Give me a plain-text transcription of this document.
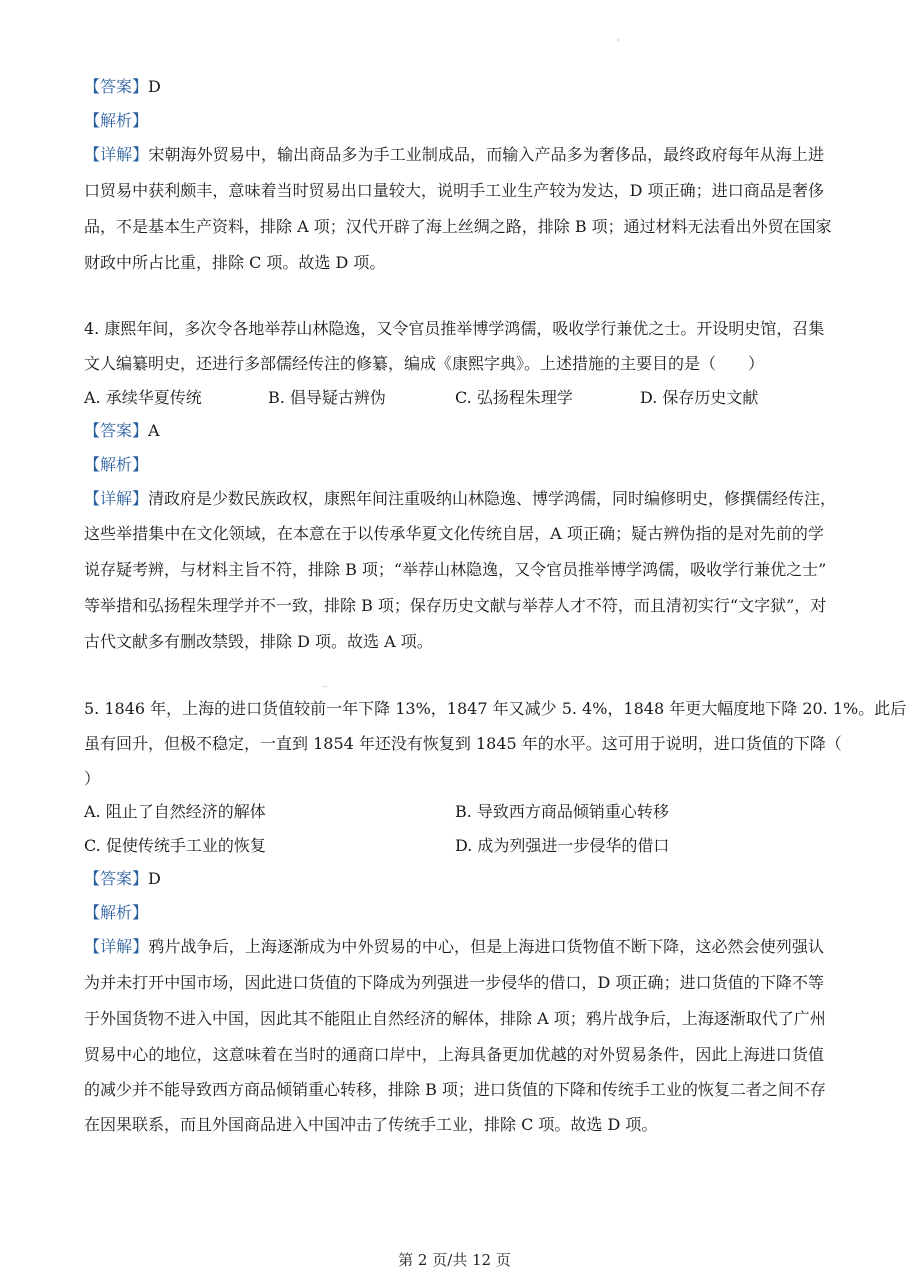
·
‾
【答案】D
【解析】
【详解】宋朝海外贸易中，输出商品多为手工业制成品，而输入产品多为奢侈品，最终政府每年从海上进
口贸易中获利颇丰，意味着当时贸易出口量较大，说明手工业生产较为发达，D 项正确；进口商品是奢侈
品，不是基本生产资料，排除 A 项；汉代开辟了海上丝绸之路，排除 B 项；通过材料无法看出外贸在国家
财政中所占比重，排除 C 项。故选 D 项。
4. 康熙年间，多次令各地举荐山林隐逸，又令官员推举博学鸿儒，吸收学行兼优之士。开设明史馆，召集
文人编纂明史，还进行多部儒经传注的修纂，编成《康熙字典》。上述措施的主要目的是（　　）
A. 承续华夏传统	B. 倡导疑古辨伪	C. 弘扬程朱理学	D. 保存历史文献
【答案】A
【解析】
【详解】清政府是少数民族政权，康熙年间注重吸纳山林隐逸、博学鸿儒，同时编修明史，修撰儒经传注，
这些举措集中在文化领域，在本意在于以传承华夏文化传统自居，A 项正确；疑古辨伪指的是对先前的学
说存疑考辨，与材料主旨不符，排除 B 项；“举荐山林隐逸，又令官员推举博学鸿儒，吸收学行兼优之士”
等举措和弘扬程朱理学并不一致，排除 B 项；保存历史文献与举荐人才不符，而且清初实行“文字狱”，对
古代文献多有删改禁毁，排除 D 项。故选 A 项。
5. 1846 年，上海的进口货值较前一年下降 13%，1847 年又减少 5. 4%，1848 年更大幅度地下降 20. 1%。此后
虽有回升，但极不稳定，一直到 1854 年还没有恢复到 1845 年的水平。这可用于说明，进口货值的下降（
）
A. 阻止了自然经济的解体	B. 导致西方商品倾销重心转移
C. 促使传统手工业的恢复	D. 成为列强进一步侵华的借口
【答案】D
【解析】
【详解】鸦片战争后，上海逐渐成为中外贸易的中心，但是上海进口货物值不断下降，这必然会使列强认
为并未打开中国市场，因此进口货值的下降成为列强进一步侵华的借口，D 项正确；进口货值的下降不等
于外国货物不进入中国，因此其不能阻止自然经济的解体，排除 A 项；鸦片战争后，上海逐渐取代了广州
贸易中心的地位，这意味着在当时的通商口岸中，上海具备更加优越的对外贸易条件，因此上海进口货值
的减少并不能导致西方商品倾销重心转移，排除 B 项；进口货值的下降和传统手工业的恢复二者之间不存
在因果联系，而且外国商品进入中国冲击了传统手工业，排除 C 项。故选 D 项。
第 2 页/共 12 页
